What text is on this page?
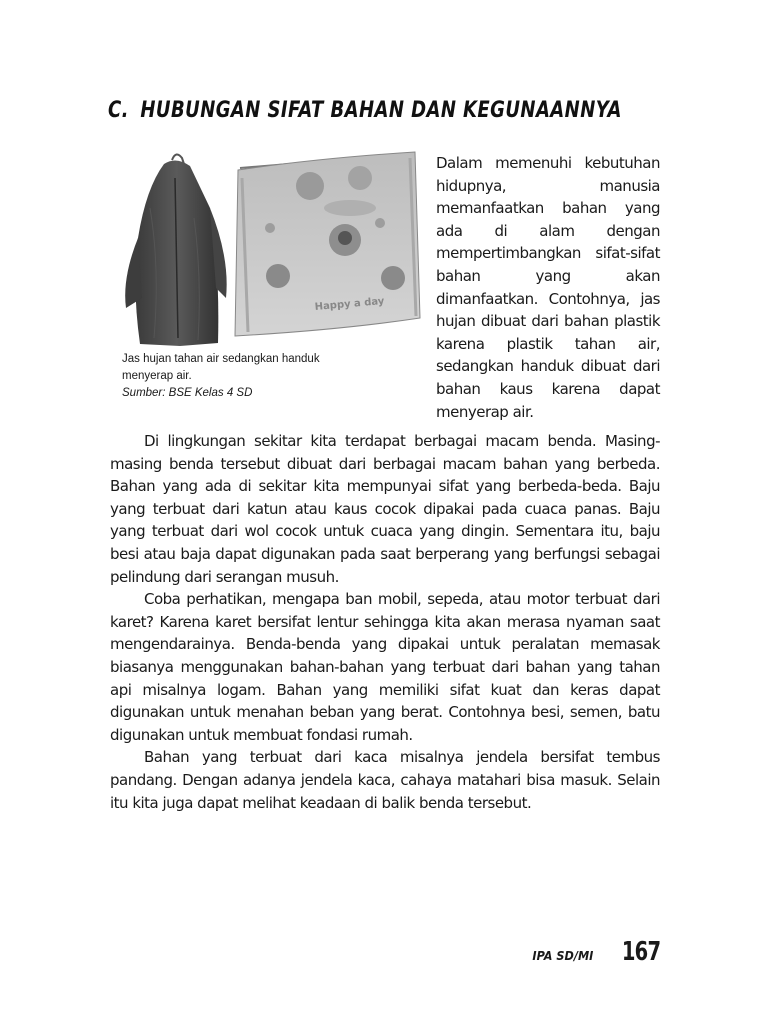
C. HUBUNGAN SIFAT BAHAN DAN KEGUNAANNYA
Happy a day
Jas hujan tahan air sedangkan handuk
menyerap air.
Sumber: BSE Kelas 4 SD

Dalam memenuhi kebutuhan hidupnya, manusia memanfaatkan bahan yang ada di alam dengan mempertimbangkan sifat-sifat bahan yang akan dimanfaatkan. Contohnya, jas hujan dibuat dari bahan plastik karena plastik tahan air, sedangkan handuk dibuat dari bahan kaus karena dapat menyerap air.

Di lingkungan sekitar kita terdapat berbagai macam benda. Masing-masing benda tersebut dibuat dari berbagai macam bahan yang berbeda. Bahan yang ada di sekitar kita mempunyai sifat yang berbeda-beda. Baju yang terbuat dari katun atau kaus cocok dipakai pada cuaca panas. Baju yang terbuat dari wol cocok untuk cuaca yang dingin. Sementara itu, baju besi atau baja dapat digunakan pada saat berperang yang berfungsi sebagai pelindung dari serangan musuh.

Coba perhatikan, mengapa ban mobil, sepeda, atau motor terbuat dari karet? Karena karet bersifat lentur sehingga kita akan merasa nyaman saat mengendarainya. Benda-benda yang dipakai untuk peralatan memasak biasanya menggunakan bahan-bahan yang terbuat dari bahan yang tahan api misalnya logam. Bahan yang memiliki sifat kuat dan keras dapat digunakan untuk menahan beban yang berat. Contohnya besi, semen, batu digunakan untuk membuat fondasi rumah.

Bahan yang terbuat dari kaca misalnya jendela bersifat tembus pandang. Dengan adanya jendela kaca, cahaya matahari bisa masuk. Selain itu kita juga dapat melihat keadaan di balik benda tersebut.

IPA SD/MI 167
